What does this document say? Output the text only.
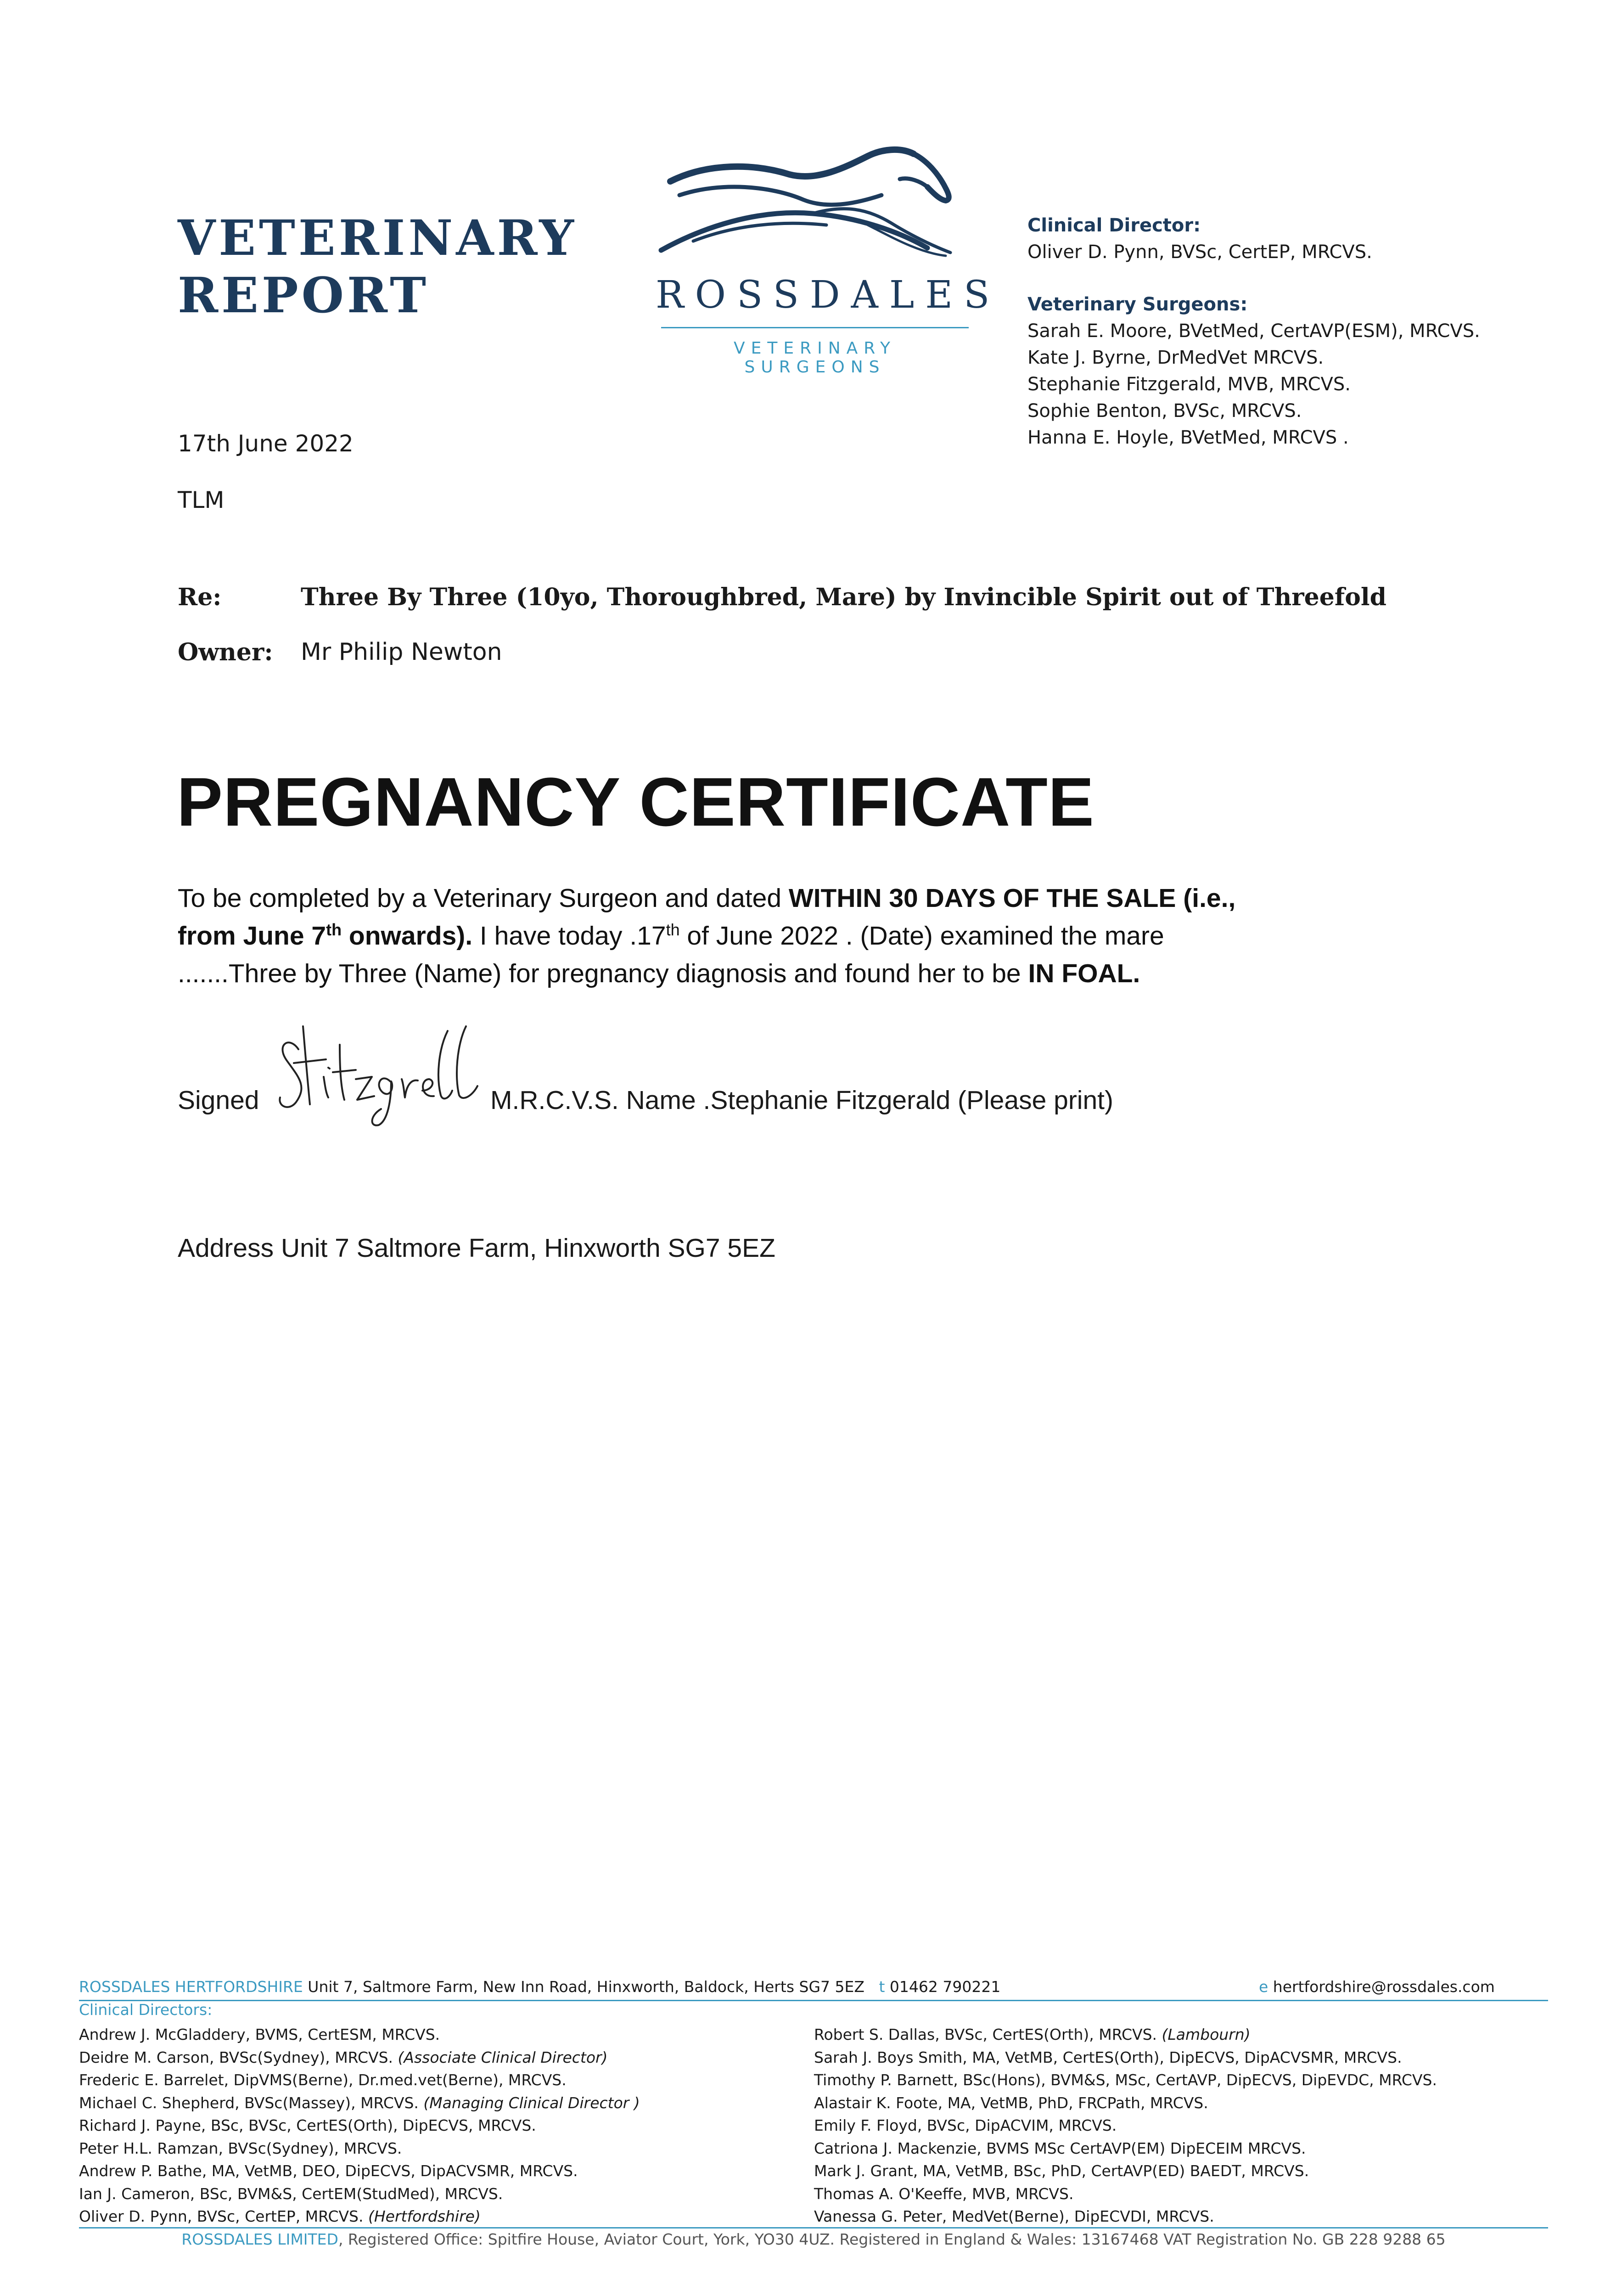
VETERINARY
REPORT	ROSSDALES
VETERINARY SURGEONS
Clinical Director:
Oliver D. Pynn, BVSc, CertEP, MRCVS.
Veterinary Surgeons:
Sarah E. Moore, BVetMed, CertAVP(ESM), MRCVS.
Kate J. Byrne, DrMedVet MRCVS.
Stephanie Fitzgerald, MVB, MRCVS.
Sophie Benton, BVSc, MRCVS.
Hanna E. Hoyle, BVetMed, MRCVS .
17th June 2022
TLM
Re:	Three By Three (10yo, Thoroughbred, Mare) by Invincible Spirit out of Threefold
Owner: Mr Philip Newton
PREGNANCY CERTIFICATE
To be completed by a Veterinary Surgeon and dated WITHIN 30 DAYS OF THE SALE (i.e.,
from June 7th onwards). I have today .17th of June 2022 . (Date) examined the mare
.......Three by Three (Name) for pregnancy diagnosis and found her to be IN FOAL.
Signed	M.R.C.V.S. Name .Stephanie Fitzgerald (Please print)
Address Unit 7 Saltmore Farm, Hinxworth SG7 5EZ
ROSSDALES HERTFORDSHIRE Unit 7, Saltmore Farm, New Inn Road, Hinxworth, Baldock, Herts SG7 5EZ t 01462 790221	e hertfordshire@rossdales.com
Clinical Directors:
Andrew J. McGladdery, BVMS, CertESM, MRCVS.
Deidre M. Carson, BVSc(Sydney), MRCVS. (Associate Clinical Director)
Frederic E. Barrelet, DipVMS(Berne), Dr.med.vet(Berne), MRCVS.
Michael C. Shepherd, BVSc(Massey), MRCVS. (Managing Clinical Director )
Richard J. Payne, BSc, BVSc, CertES(Orth), DipECVS, MRCVS.
Peter H.L. Ramzan, BVSc(Sydney), MRCVS.
Andrew P. Bathe, MA, VetMB, DEO, DipECVS, DipACVSMR, MRCVS.
Ian J. Cameron, BSc, BVM&S, CertEM(StudMed), MRCVS.
Oliver D. Pynn, BVSc, CertEP, MRCVS. (Hertfordshire)
Robert S. Dallas, BVSc, CertES(Orth), MRCVS. (Lambourn)
Sarah J. Boys Smith, MA, VetMB, CertES(Orth), DipECVS, DipACVSMR, MRCVS.
Timothy P. Barnett, BSc(Hons), BVM&S, MSc, CertAVP, DipECVS, DipEVDC, MRCVS.
Alastair K. Foote, MA, VetMB, PhD, FRCPath, MRCVS.
Emily F. Floyd, BVSc, DipACVIM, MRCVS.
Catriona J. Mackenzie, BVMS MSc CertAVP(EM) DipECEIM MRCVS.
Mark J. Grant, MA, VetMB, BSc, PhD, CertAVP(ED) BAEDT, MRCVS.
Thomas A. O'Keeffe, MVB, MRCVS.
Vanessa G. Peter, MedVet(Berne), DipECVDI, MRCVS.
ROSSDALES LIMITED, Registered Office: Spitfire House, Aviator Court, York, YO30 4UZ. Registered in England & Wales: 13167468 VAT Registration No. GB 228 9288 65
